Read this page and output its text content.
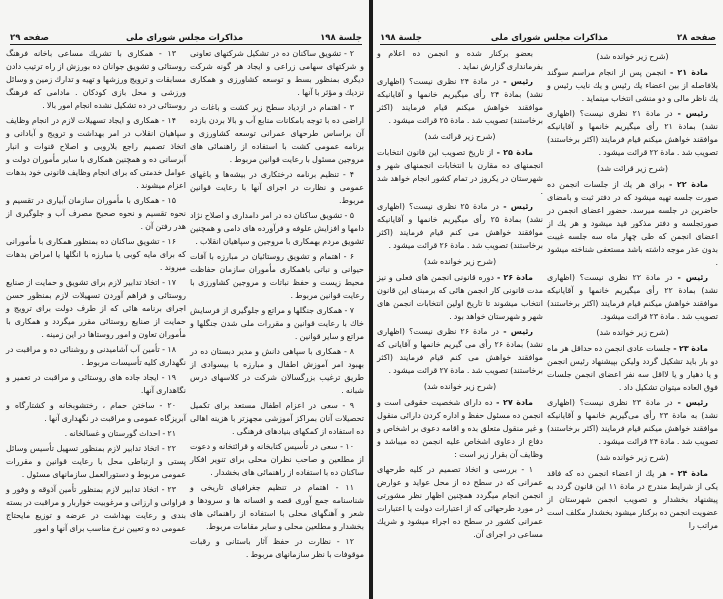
جلسة ۱۹۸
مذاکرات مجلس شورای ملی
صفحه ۲۹

۲ - تشویق ساکنان ده در تشکیل شرکتهای تعاونی و شرکتهای سهامی زراعی و ایجاد هر گونه شرکت دیگری بمنظور بسط و توسعه کشاورزی و همکاری نزدیك و مؤثر با آنها .

۳ - اهتمام در ازدیاد سطح زیر کشت و باغات در اراضی ده با توجه بامکانات منابع آب و بالا بردن بازده آن براساس طرحهای عمرانی توسعه کشاورزی و برنامه عمومی کشت با استفاده از راهنمائی های مروجین مسئول با رعایت قوانین مربوط .

۴ - تنظیم برنامه درختکاری در بیشه‌ها و باغهای عمومی و نظارت در اجرای آنها با رعایت قوانین مربوط.

۵ - تشویق ساکنان ده در امر دامداری و اصلاح نژاد دامها و افزایش علوفه و فرآورده های دامی و همچنین تشویق مردم بهمکاری با مروجین و سپاهیان انقلاب .

۶ - اهتمام و تشویق روستائیان در مبارزه با آفات حیوانی و نباتی باهمکاری مأموران سازمان حفاظت محیط زیست و حفظ نباتات و مروجین کشاورزی با رعایت قوانین مربوط .

۷ - همکاری جنگلها و مراتع و جلوگیری از فرسایش خاك با رعایت قوانین و مقررات ملی شدن جنگلها و مراتع و سایر قوانین .

۸ - همکاری با سپاهی دانش و مدیر دبستان ده در بهبود امر آموزش اطفال و مبارزه با بیسوادی از طریق ترغیب بزرگسالان شرکت در کلاسهای درس شبانه .

۹ - سعی در اعزام اطفال مستعد برای تکمیل تحصیلات آنان بمراکز آموزشی مجهزتر با هزینه اهالی ده استفاده از کمکهای بنیادهای فرهنگی .

۱۰ - سعی در تأسیس کتابخانه و قرائتخانه و دعوت از مطلعین و صاحب نظران محلی برای تنویر افکار ساکنان ده با استفاده از راهنمائی های بخشدار .

۱۱ - اهتمام در تنظیم جغرافیای تاریخی و شناسنامه جمع آوری قصه و افسانه ها و سرودها و شعر و آهنگهای محلی با استفاده از راهنمائی های بخشدار و مطلعین محلی و سایر مقامات مربوط.

۱۲ - نظارت در حفظ آثار باستانی و رقبات موقوفات با نظر سازمانهای مربوط .

۱۳ - همکاری با تشریك مساعی باخانه فرهنگ روستائی و تشویق جوانان ده بورزش از راه ترتیب دادن مسابقات و ترویج ورزشها و تهیه و تدارك زمین و وسائل ورزشی و محل بازی کودکان . مادامی که فرهنگ روستائی در ده تشکیل نشده انجام امور بالا .

۱۴ - همکاری و ایجاد تسهیلات لازم در انجام وظایف سپاهیان انقلاب در امر بهداشت و ترویج و آبادانی و اتخاذ تصمیم راجع بلاروبی و اصلاح قنوات و انبار آبرسانی ده و همچنین همکاری با سایر مأموران دولت و عوامل خدمتی که برای انجام وظایف قانونی خود بدهات اعزام میشوند .

۱۵ - همکاری با مأموران سازمان آبیاری در تقسیم و نحوه تقسیم و نحوه صحیح مصرف آب و جلوگیری از هدر رفتن آن .

۱۶ - تشویق ساکنان ده بمنظور همکاری با مأمورانی که برای مایه کوبی یا مبارزه با انگلها یا امراض بدهات میروند .

۱۷ - اتخاذ تدابیر لازم برای تشویق و حمایت از صنایع روستائی و فراهم آوردن تسهیلات لازم بمنظور حسن اجرای برنامه هائی که از طرف دولت برای ترویج و حمایت از صنایع روستائی مقرر میگردد و همکاری با مأموران تعاون و امور روستاها در این زمینه .

۱۸ - تأمین آب آشامیدنی و روشنائی ده و مراقبت در نگهداری کلیه تأسیسات مربوط .

۱۹ - ایجاد جاده های روستائی و مراقبت در تعمیر و نگاهداری آنها.

۲۰ - ساختن حمام ، رختشوبخانه و کشتارگاه و آبریزگاه عمومی و مراقبت در نگهداری آنها .

۲۱ - احداث گورستان و غسالخانه .

۲۲ - اتخاذ تدابیر لازم بمنظور تسهیل تأسیس وسائل پستی و ارتباطی محل با رعایت قوانین و مقررات عمومی مربوط و دستورالعمل سازمانهای مسئول .

۲۳ - اتخاذ تدابیر لازم بمنظور تأمین آذوقه و وفور و فراوانی و ارزانی و مرغوبیت خواربار و مراقبت در بسته بندی و رعایت بهداشت در عرضه و توزیع مایحتاج عمومی ده و تعیین نرخ مناسب برای آنها و امور

صفحه ۲۸
مذاکرات مجلس شورای ملی
جلسة ۱۹۸

(شرح زیر خوانده شد)

مادة ۲۱ - انجمن پس از انجام مراسم سوگند بلافاصله از بین اعضاء یك رئیس و یك نایب رئیس و یك ناظر مالی و دو منشی انتخاب مینماید .

رئیس - در مادة ۲۱ نظری نیست؟ (اظهاری نشد) بمادة ۲۱ رأی میگیریم خانمها و آقایانیکه موافقند خواهش میکنم قیام فرمایند (اکثر برخاستند) تصویب شد . مادة ۲۲ قرائت میشود .

(شرح زیر قرائت شد)

مادة ۲۲ - برای هر یك از جلسات انجمن ده صورت جلسه تهیه میشود که در دفتر ثبت و بامضای حاضرین در جلسه میرسد. حضور اعضای انجمن در صورتجلسه و دفتر مذکور قید میشود و هر یك از اعضای انجمن که طی چهار ماه سه جلسه غیبت بدون عذر موجه داشته باشد مستعفی شناخته میشود .

رئیس - در مادة ۲۲ نظری نیست؟ (اظهاری نشد) بمادة ۲۲ رأی میگیریم خانمها و آقایانیکه موافقند خواهش میکنم قیام فرمایند (اکثر برخاستند) تصویب شد . مادة ۲۳ قرائت میشود.

(شرح زیر خوانده شد)

مادة ۲۳ - جلسات عادی انجمن ده حداقل هر ماه دو بار باید تشکیل گردد ولیکن بپیشنهاد رئیس انجمن و یا دهیار و یا لااقل سه نفر اعضای انجمن جلسات فوق العاده میتوان تشکیل داد .

رئیس - در مادة ۲۳ نظری نیست؟ (اظهاری نشد) به مادة ۲۳ رأی می‌گیریم خانمها و آقایانیکه موافقند خواهش میکنم قیام فرمایند (اکثر برخاستند) تصویب شد . مادة ۲۴ قرائت میشود .

(شرح زیر خوانده شد)

مادة ۲۴ - هر یك از اعضاء انجمن ده که فاقد یکی از شرایط مندرج در مادة ۱۱ این قانون گردد به پیشنهاد بخشدار و تصویب انجمن شهرستان از عضویت انجمن ده برکنار میشود بخشدار مکلف است مراتب را

بعضو برکنار شده و انجمن ده اعلام و بفرمانداری گزارش نماید .

رئیس - در مادة ۲۴ نظری نیست؟ (اظهاری نشد) بمادة ۲۴ رأی میگیریم خانمها و آقایانیکه موافقند خواهش میکنم قیام فرمایند (اکثر برخاستند) تصویب شد . مادة ۲۵ قرائت میشود .

(شرح زیر قرائت شد)

مادة ۲۵ - از تاریخ تصویب این قانون انتخابات انجمنهای ده مقارن با انتخابات انجمنهای شهر و شهرستان در یکروز در تمام کشور انجام خواهد شد .

رئیس - در مادة ۲۵ نظری نیست؟ (اظهاری نشد) بمادة ۲۵ رأی میگیریم خانمها و آقایانیکه موافقند خواهش می کنم قیام فرمایند (اکثر برخاستند) تصویب شد . مادة ۲۶ قرائت میشود .

(شرح زیر خوانده شد)

مادة ۲۶ - دوره قانونی انجمن های فعلی و نیز مدت قانونی کار انجمن هائی که برمبنای این قانون انتخاب میشوند تا تاریخ اولین انتخابات انجمن های شهر و شهرستان خواهد بود .

رئیس - در مادة ۲۶ نظری نیست؟ (اظهاری نشد) بمادة ۲۶ رأی می گیریم خانمها و آقایانی که موافقند خواهش می کنم قیام فرمایند (اکثر برخاستند) تصویب شد . مادة ۲۷ قرائت میشود .

(شرح زیر خوانده شد)

مادة ۲۷ - ده دارای شخصیت حقوقی است و انجمن ده مسئول حفظ و اداره کردن دارائی منقول و غیر منقول متعلق بده و اقامه دعوی بر اشخاص و دفاع از دعاوی اشخاص علیه انجمن ده میباشد و وظایف آن بقرار زیر است :

۱ - بررسی و اتخاذ تصمیم در کلیه طرحهای عمرانی که در سطح ده از محل عواید و عوارض انجمن انجام میگردد همچنین اظهار نظر مشورتی در مورد طرحهائی که از اعتبارات دولت یا اعتبارات عمرانی کشور در سطح ده اجراء میشود و شریك مساعی در اجرای آن.
